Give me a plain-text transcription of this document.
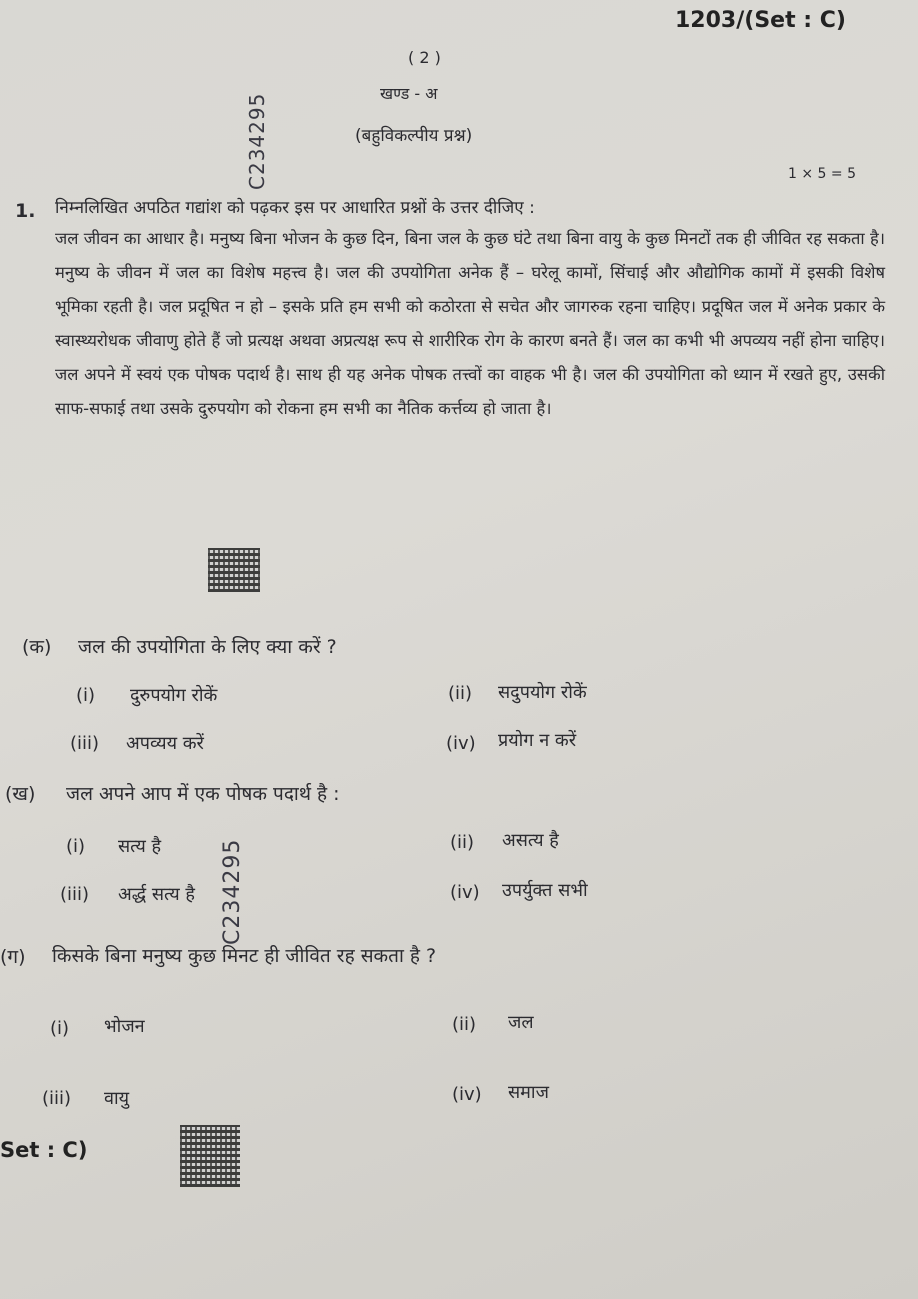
1203/(Set : C)
( 2 )
खण्ड - अ
(बहुविकल्पीय प्रश्न)
C234295	1 × 5 = 5
1. निम्नलिखित अपठित गद्यांश को पढ़कर इस पर आधारित प्रश्नों के उत्तर दीजिए :
जल जीवन का आधार है। मनुष्य बिना भोजन के कुछ दिन, बिना जल के कुछ घंटे तथा बिना वायु के कुछ मिनटों तक ही जीवित रह सकता है। मनुष्य के जीवन में जल का विशेष महत्त्व है। जल की उपयोगिता अनेक हैं – घरेलू कामों, सिंचाई और औद्योगिक कामों में इसकी विशेष भूमिका रहती है। जल प्रदूषित न हो – इसके प्रति हम सभी को कठोरता से सचेत और जागरुक रहना चाहिए। प्रदूषित जल में अनेक प्रकार के स्वास्थ्यरोधक जीवाणु होते हैं जो प्रत्यक्ष अथवा अप्रत्यक्ष रूप से शारीरिक रोग के कारण बनते हैं। जल का कभी भी अपव्यय नहीं होना चाहिए। जल अपने में स्वयं एक पोषक पदार्थ है। साथ ही यह अनेक पोषक तत्त्वों का वाहक भी है। जल की उपयोगिता को ध्यान में रखते हुए, उसकी साफ-सफाई तथा उसके दुरुपयोग को रोकना हम सभी का नैतिक कर्त्तव्य हो जाता है।
(क) जल की उपयोगिता के लिए क्या करें ?
(i) दुरुपयोग रोकें	(ii) सदुपयोग रोकें
(iii) अपव्यय करें	(iv) प्रयोग न करें
(ख) जल अपने आप में एक पोषक पदार्थ है :
(i) सत्य है	(ii) असत्य है
(iii) अर्द्ध सत्य है	(iv) उपर्युक्त सभी
C234295
(ग) किसके बिना मनुष्य कुछ मिनट ही जीवित रह सकता है ?
(i) भोजन	(ii) जल
(iii) वायु	(iv) समाज
Set : C)
